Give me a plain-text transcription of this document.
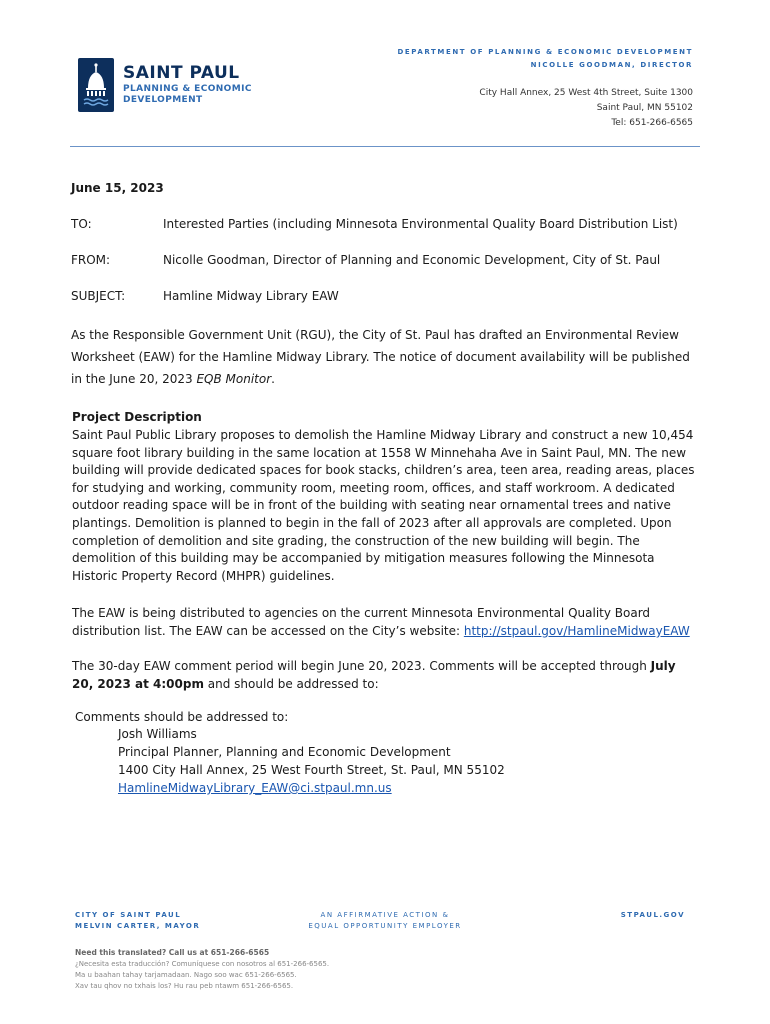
SAINT PAUL
PLANNING & ECONOMIC DEVELOPMENT
DEPARTMENT OF PLANNING & ECONOMIC DEVELOPMENT
NICOLLE GOODMAN, DIRECTOR
City Hall Annex, 25 West 4th Street, Suite 1300
Saint Paul, MN 55102
Tel: 651-266-6565
June 15, 2023
TO:	Interested Parties (including Minnesota Environmental Quality Board Distribution List)
FROM:	Nicolle Goodman, Director of Planning and Economic Development, City of St. Paul
SUBJECT:	Hamline Midway Library EAW
As the Responsible Government Unit (RGU), the City of St. Paul has drafted an Environmental Review Worksheet (EAW) for the Hamline Midway Library. The notice of document availability will be published in the June 20, 2023 EQB Monitor.
Project Description
Saint Paul Public Library proposes to demolish the Hamline Midway Library and construct a new 10,454 square foot library building in the same location at 1558 W Minnehaha Ave in Saint Paul, MN. The new building will provide dedicated spaces for book stacks, children’s area, teen area, reading areas, places for studying and working, community room, meeting room, offices, and staff workroom. A dedicated outdoor reading space will be in front of the building with seating near ornamental trees and native plantings. Demolition is planned to begin in the fall of 2023 after all approvals are completed. Upon completion of demolition and site grading, the construction of the new building will begin. The demolition of this building may be accompanied by mitigation measures following the Minnesota Historic Property Record (MHPR) guidelines.
The EAW is being distributed to agencies on the current Minnesota Environmental Quality Board distribution list. The EAW can be accessed on the City’s website: http://stpaul.gov/HamlineMidwayEAW
The 30-day EAW comment period will begin June 20, 2023. Comments will be accepted through July 20, 2023 at 4:00pm and should be addressed to:
Comments should be addressed to:
Josh Williams
Principal Planner, Planning and Economic Development
1400 City Hall Annex, 25 West Fourth Street, St. Paul, MN 55102
HamlineMidwayLibrary_EAW@ci.stpaul.mn.us
CITY OF SAINT PAUL
MELVIN CARTER, MAYOR
AN AFFIRMATIVE ACTION &
EQUAL OPPORTUNITY EMPLOYER
STPAUL.GOV
Need this translated? Call us at 651-266-6565
¿Necesita esta traducción? Comuníquese con nosotros al 651-266-6565.
Ma u baahan tahay tarjamadaan. Nago soo wac 651-266-6565.
Xav tau qhov no txhais los? Hu rau peb ntawm 651-266-6565.
